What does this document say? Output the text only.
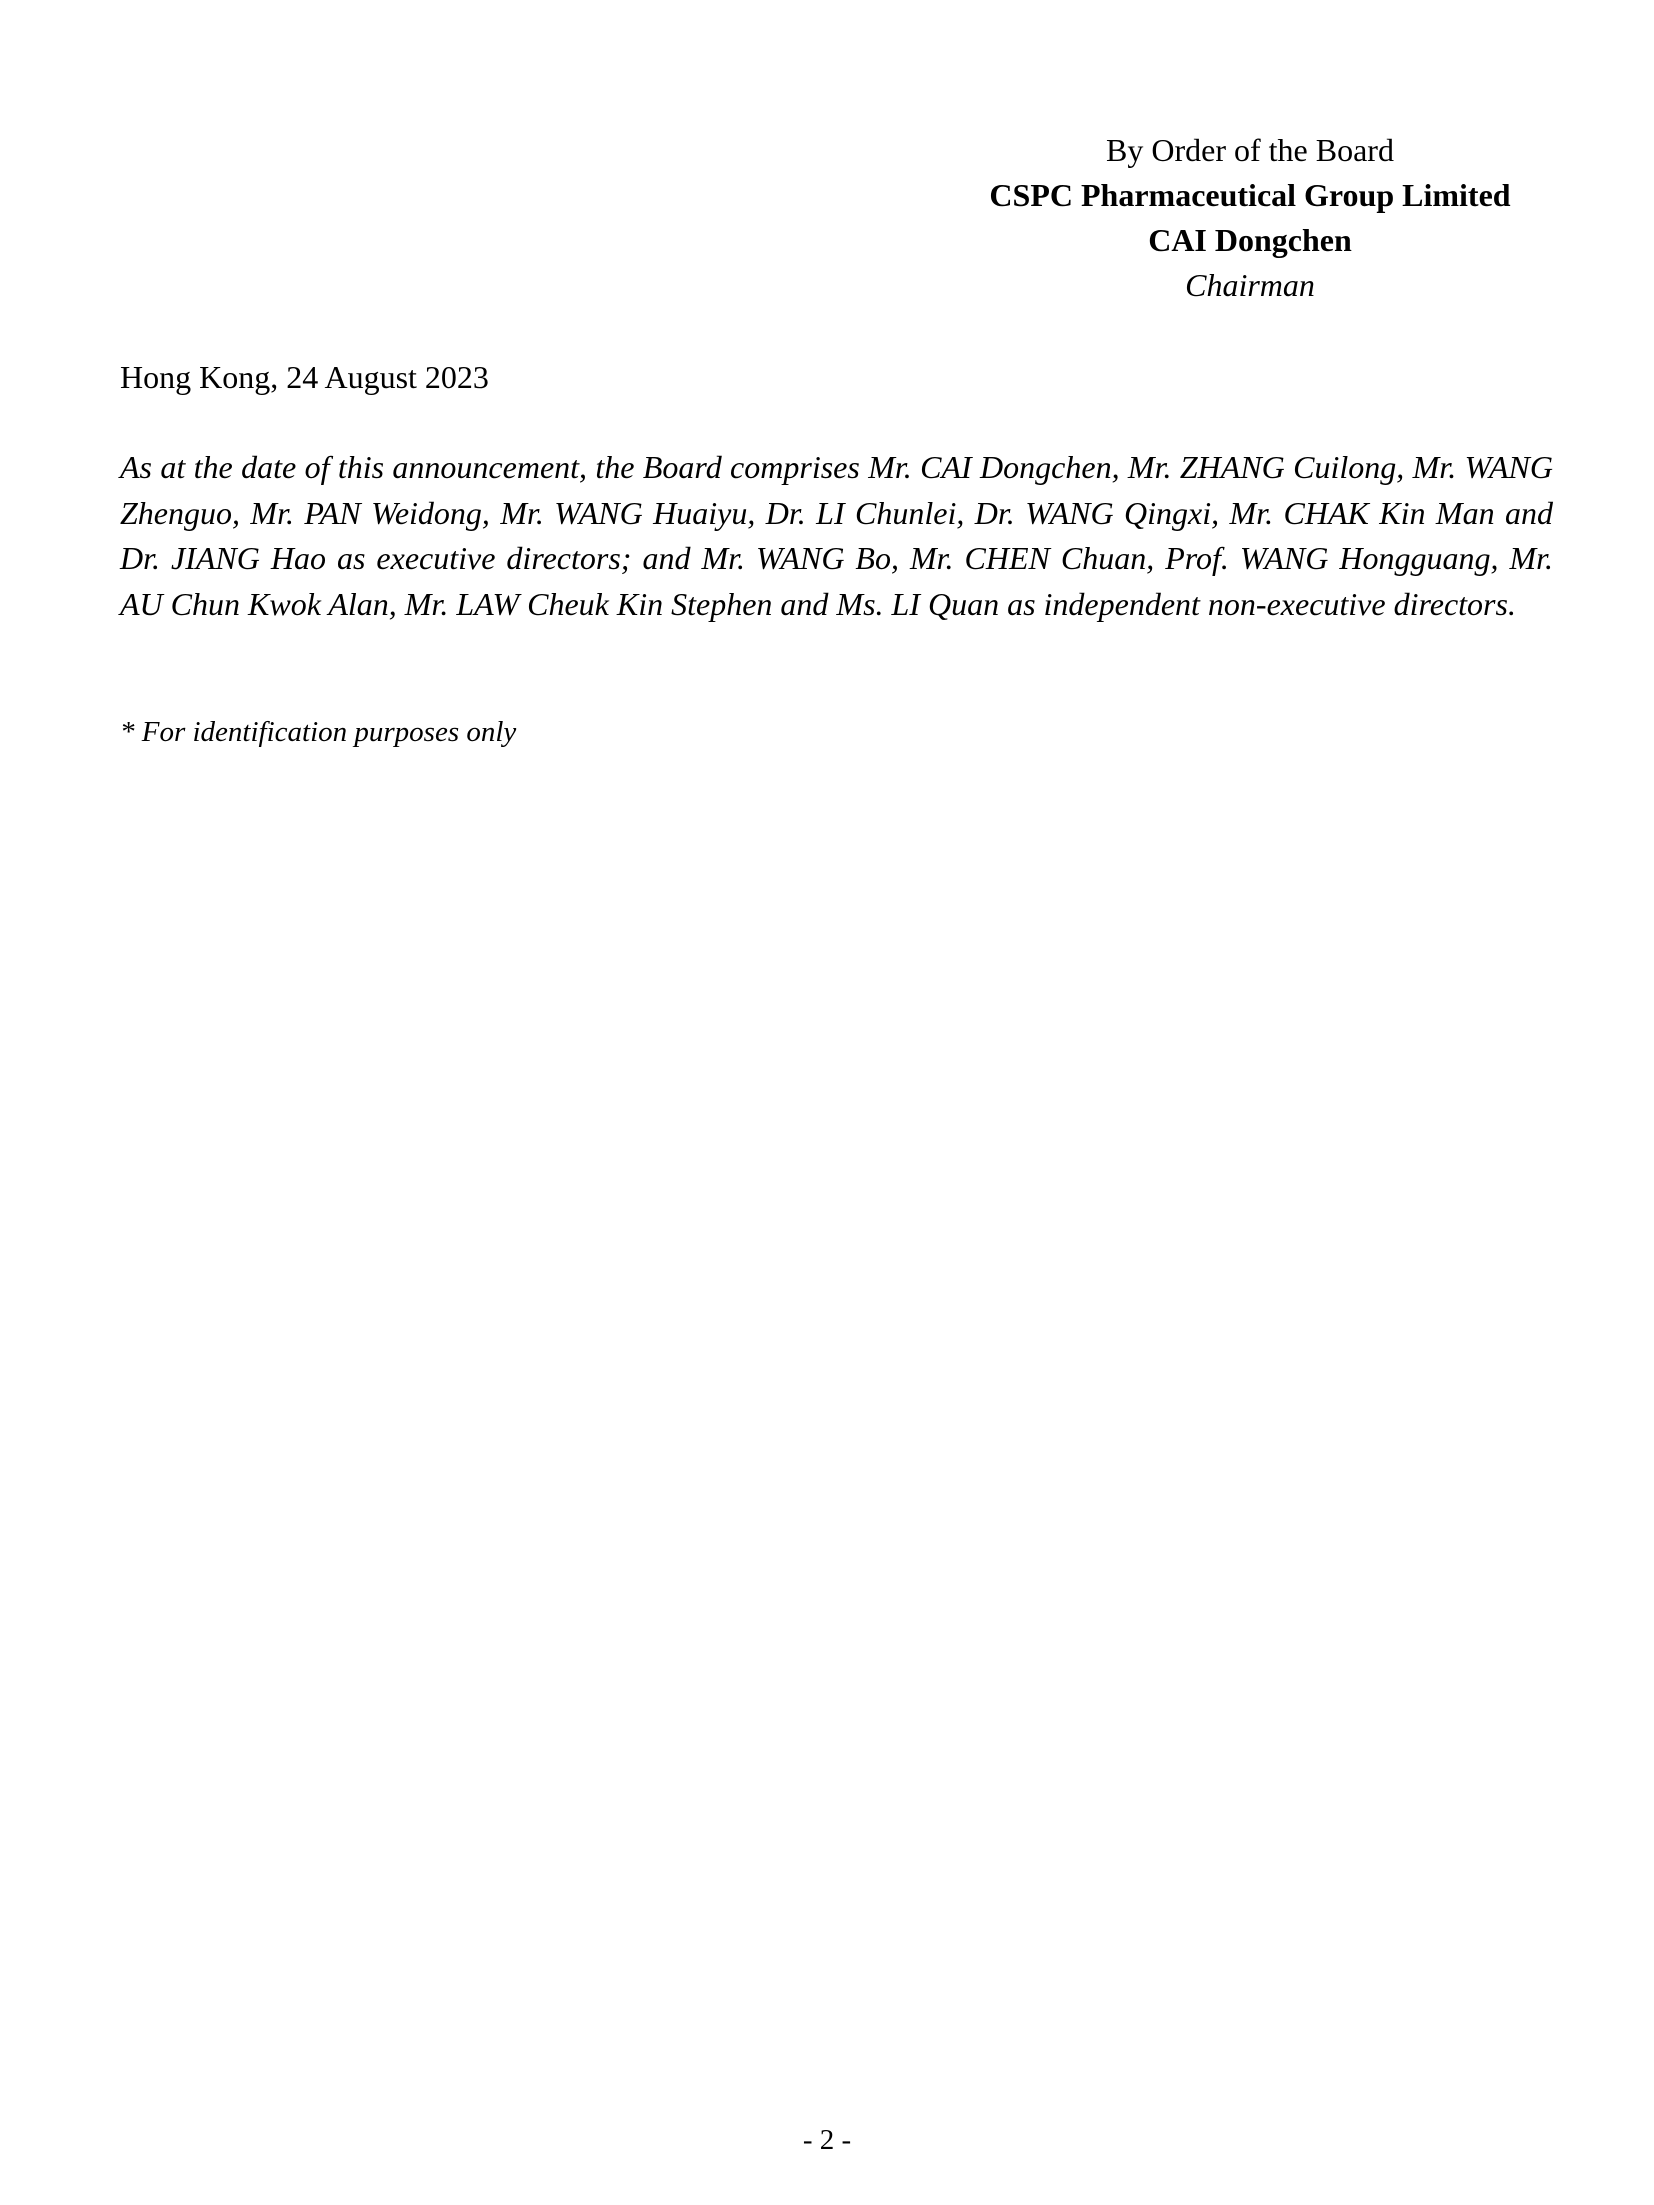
By Order of the Board

CSPC Pharmaceutical Group Limited

CAI Dongchen

Chairman

Hong Kong, 24 August 2023

As at the date of this announcement, the Board comprises Mr. CAI Dongchen, Mr. ZHANG Cuilong, Mr. WANG Zhenguo, Mr. PAN Weidong, Mr. WANG Huaiyu, Dr. LI Chunlei, Dr. WANG Qingxi, Mr. CHAK Kin Man and Dr. JIANG Hao as executive directors; and Mr. WANG Bo, Mr. CHEN Chuan, Prof. WANG Hongguang, Mr. AU Chun Kwok Alan, Mr. LAW Cheuk Kin Stephen and Ms. LI Quan as independent non-executive directors.

* For identification purposes only

- 2 -
